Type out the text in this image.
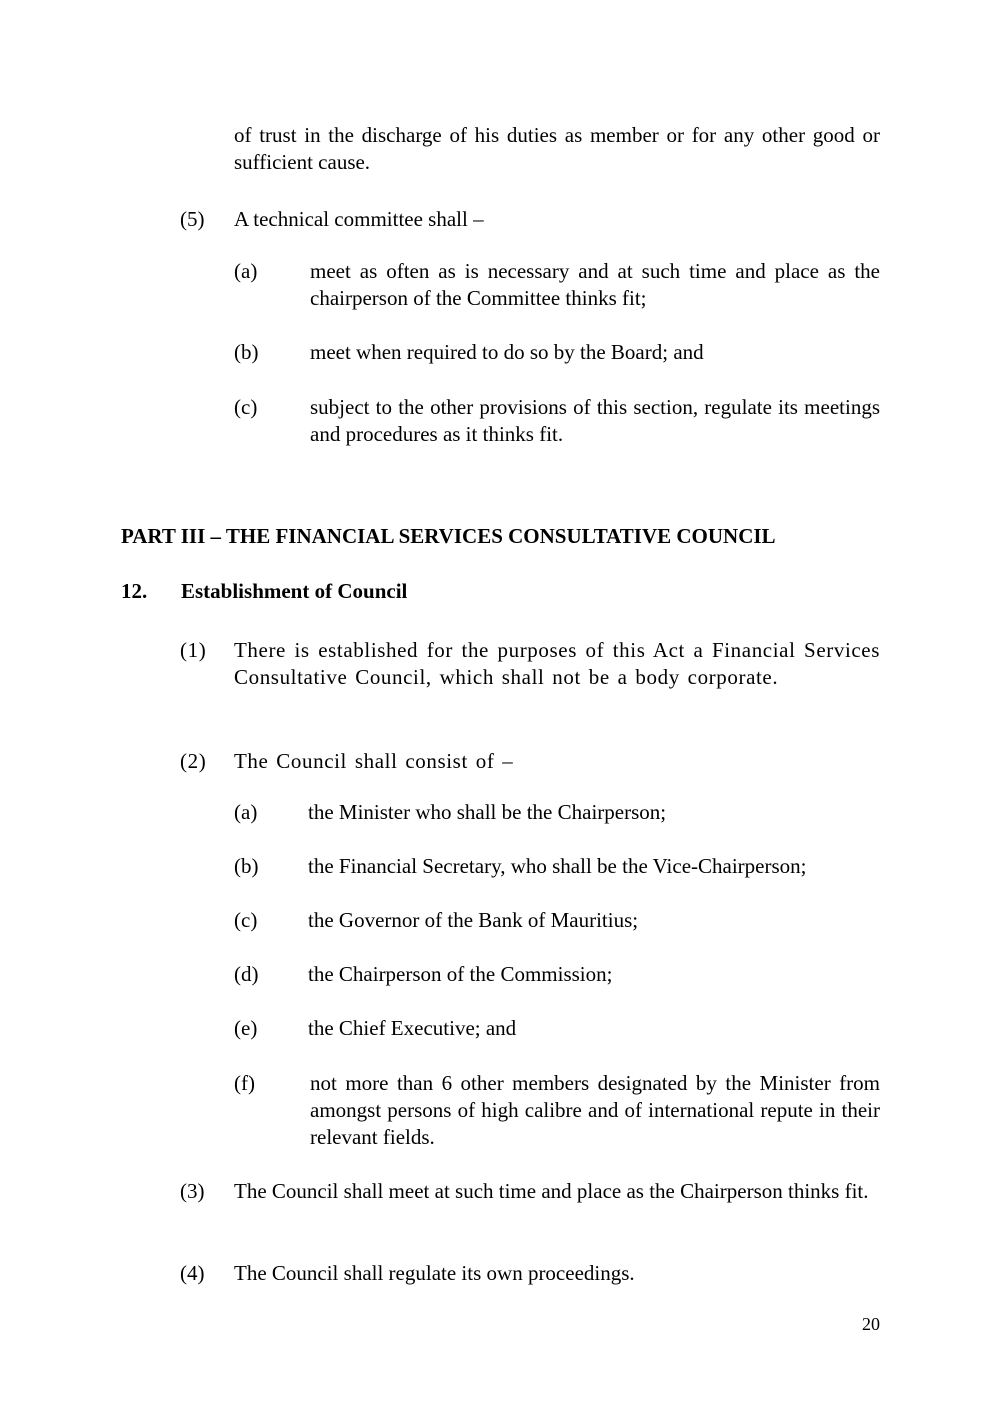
of trust in the discharge of his duties as member or for any other good or sufficient cause.
(5) A technical committee shall –
(a)	meet as often as is necessary and at such time and place as the chairperson of the Committee thinks fit;
(b) meet when required to do so by the Board; and
(c)	subject to the other provisions of this section, regulate its meetings and procedures as it thinks fit.
PART III – THE FINANCIAL SERVICES CONSULTATIVE COUNCIL
12. Establishment of Council
(1) There is established for the purposes of this Act a Financial Services Consultative Council, which shall not be a body corporate.
(2) The Council shall consist of –
(a) the Minister who shall be the Chairperson;
(b) the Financial Secretary, who shall be the Vice-Chairperson;
(c) the Governor of the Bank of Mauritius;
(d) the Chairperson of the Commission;
(e) the Chief Executive; and
(f)	not more than 6 other members designated by the Minister from amongst persons of high calibre and of international repute in their relevant fields.
(3) The Council shall meet at such time and place as the Chairperson thinks fit.
(4) The Council shall regulate its own proceedings.
20
